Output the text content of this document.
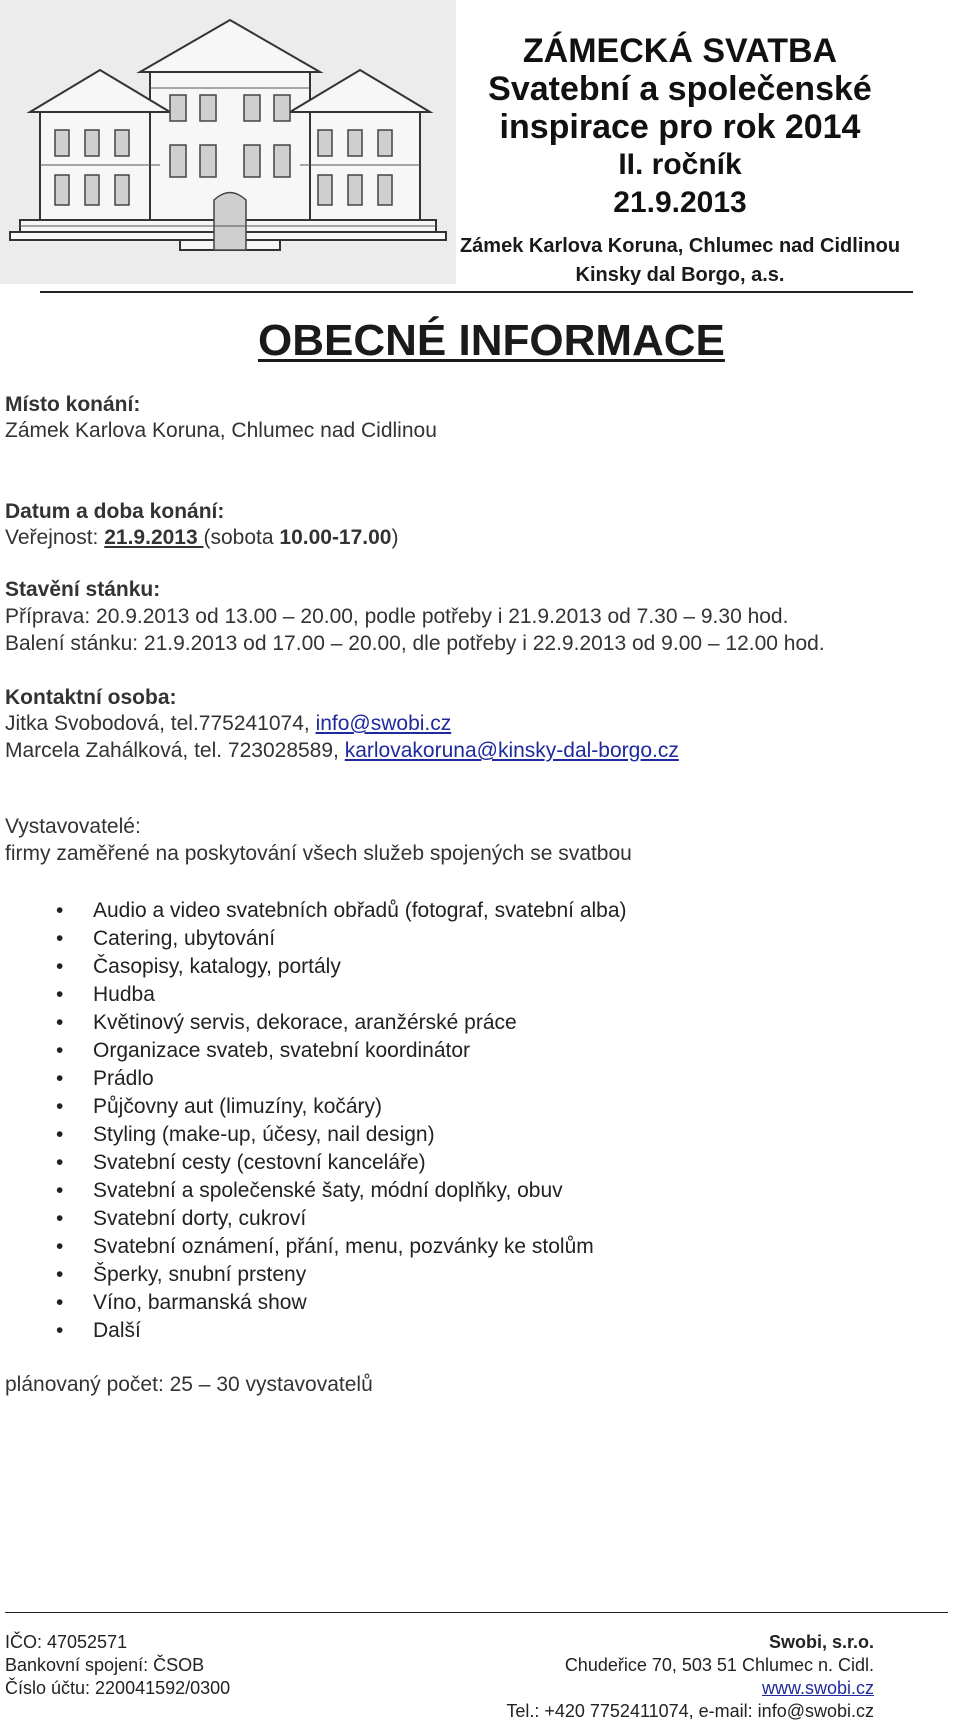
ZÁMECKÁ SVATBA
Svatební a společenské
inspirace pro rok 2014
II. ročník
21.9.2013
Zámek Karlova Koruna, Chlumec nad Cidlinou
Kinsky dal Borgo, a.s.
OBECNÉ INFORMACE
Místo konání:
Zámek Karlova Koruna, Chlumec nad Cidlinou
Datum a doba konání:
Veřejnost: 21.9.2013 (sobota 10.00-17.00)
Stavění stánku:
Příprava: 20.9.2013 od 13.00 – 20.00, podle potřeby i 21.9.2013 od 7.30 – 9.30 hod.
Balení stánku: 21.9.2013 od 17.00 – 20.00, dle potřeby i 22.9.2013 od 9.00 – 12.00 hod.
Kontaktní osoba:
Jitka Svobodová, tel.775241074, info@swobi.cz
Marcela Zahálková, tel. 723028589, karlovakoruna@kinsky-dal-borgo.cz
Vystavovatelé:
firmy zaměřené na poskytování všech služeb spojených se svatbou
• Audio a video svatebních obřadů (fotograf, svatební alba)
• Catering, ubytování
• Časopisy, katalogy, portály
• Hudba
• Květinový servis, dekorace, aranžérské práce
• Organizace svateb, svatební koordinátor
• Prádlo
• Půjčovny aut (limuzíny, kočáry)
• Styling (make-up, účesy, nail design)
• Svatební cesty (cestovní kanceláře)
• Svatební a společenské šaty, módní doplňky, obuv
• Svatební dorty, cukroví
• Svatební oznámení, přání, menu, pozvánky ke stolům
• Šperky, snubní prsteny
• Víno, barmanská show
• Další
plánovaný počet: 25 – 30 vystavovatelů
IČO: 47052571
Bankovní spojení: ČSOB
Číslo účtu: 220041592/0300
Swobi, s.r.o.
Chudeřice 70, 503 51 Chlumec n. Cidl.
www.swobi.cz
Tel.: +420 7752411074, e-mail: info@swobi.cz
